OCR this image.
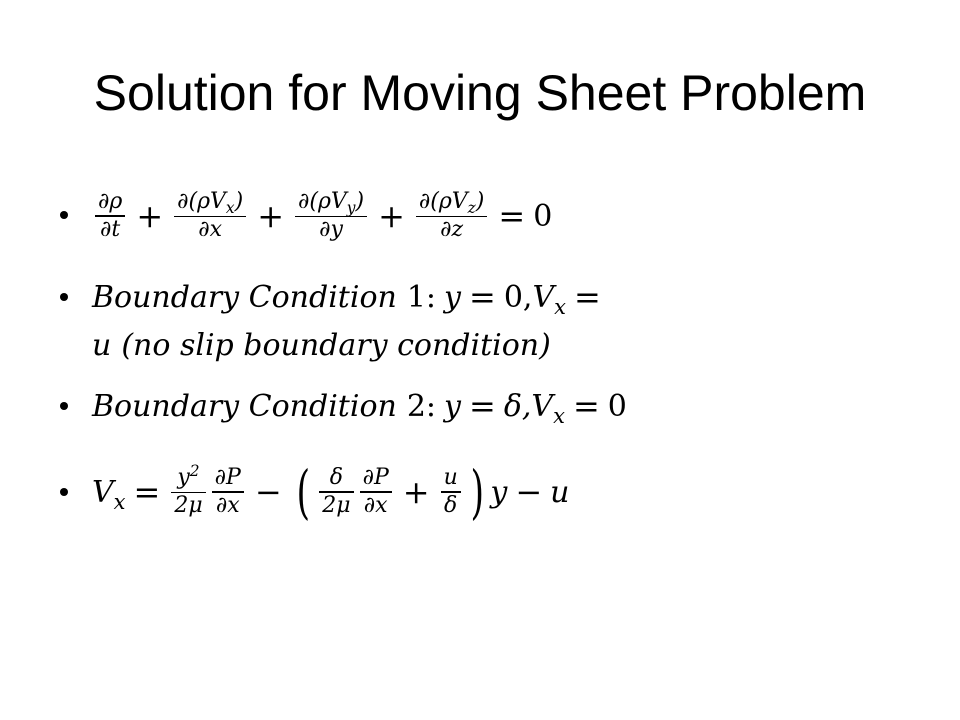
Solution for Moving Sheet Problem
$\frac{\partial\rho}{\partial t} + \frac{\partial(\rho V_x)}{\partial x} + \frac{\partial(\rho V_y)}{\partial y} + \frac{\partial(\rho V_z)}{\partial z} = 0$
Boundary Condition 1: y = 0, $V_x$ =
u (no slip boundary condition)
Boundary Condition 2: y = δ, $V_x = 0$
$V_x = \frac{y^2}{2\mu} \frac{\partial P}{\partial x}$ − ( $\frac{\delta}{2\mu} \frac{\partial P}{\partial x} + \frac{u}{\delta}$ ) y − u
